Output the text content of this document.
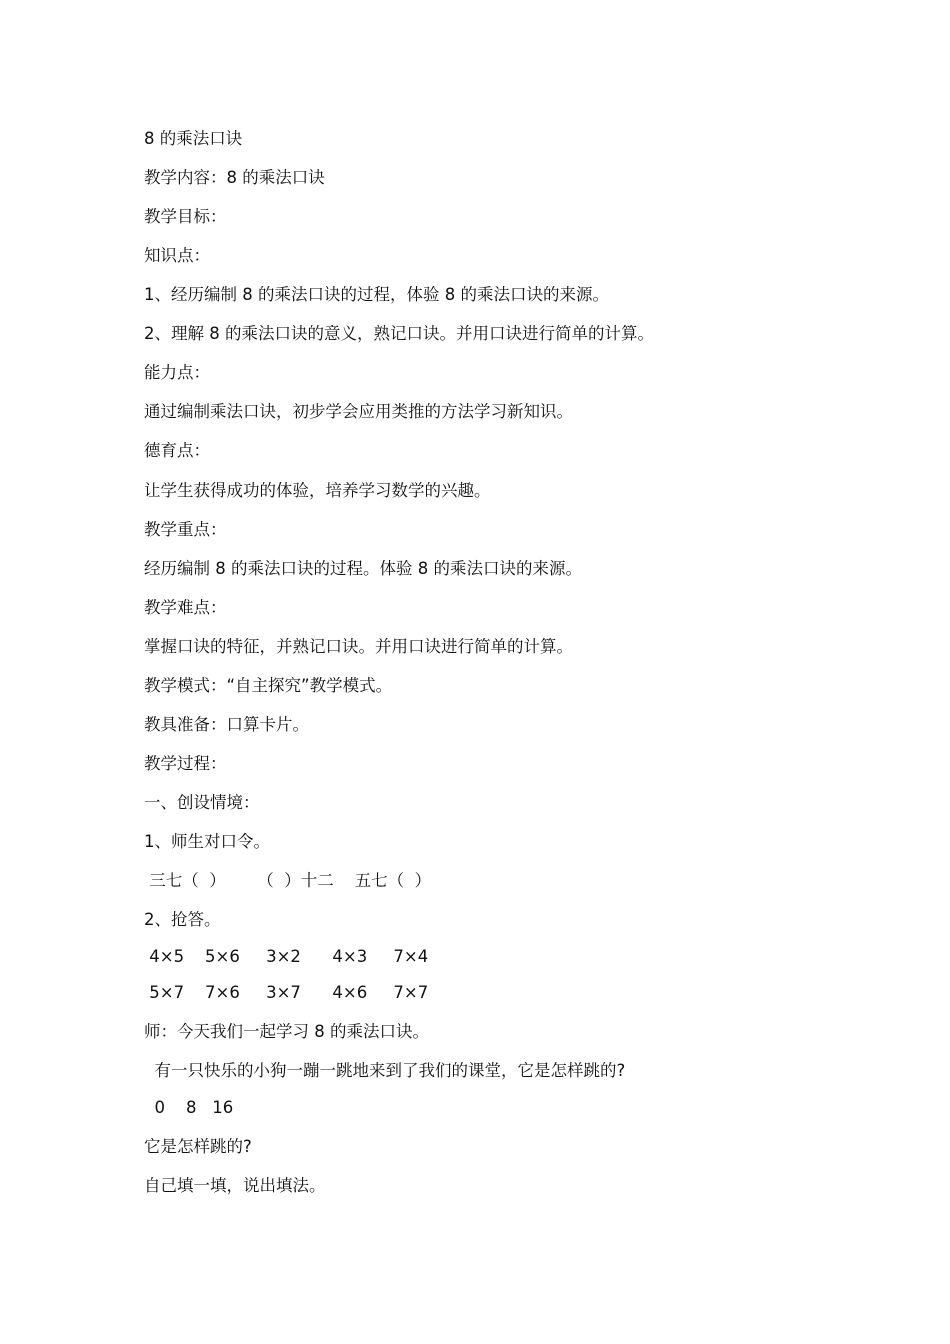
8 的乘法口诀
教学内容：8 的乘法口诀
教学目标：
知识点：
1、经历编制 8 的乘法口诀的过程，体验 8 的乘法口诀的来源。
2、理解 8 的乘法口诀的意义，熟记口诀。并用口诀进行简单的计算。
能力点：
通过编制乘法口诀，初步学会应用类推的方法学习新知识。
德育点：
让学生获得成功的体验，培养学习数学的兴趣。
教学重点：
经历编制 8 的乘法口诀的过程。体验 8 的乘法口诀的来源。
教学难点：
掌握口诀的特征，并熟记口诀。并用口诀进行简单的计算。
教学模式：“自主探究”教学模式。
教具准备：口算卡片。
教学过程：
一、创设情境：
1、师生对口令。
三七（  ）      （  ）十二    五七（  ）
2、抢答。
4×5    5×6     3×2      4×3     7×4
5×7    7×6     3×7      4×6     7×7
师：今天我们一起学习 8 的乘法口诀。
有一只快乐的小狗一蹦一跳地来到了我们的课堂，它是怎样跳的?
0    8   16
它是怎样跳的?
自己填一填，说出填法。
